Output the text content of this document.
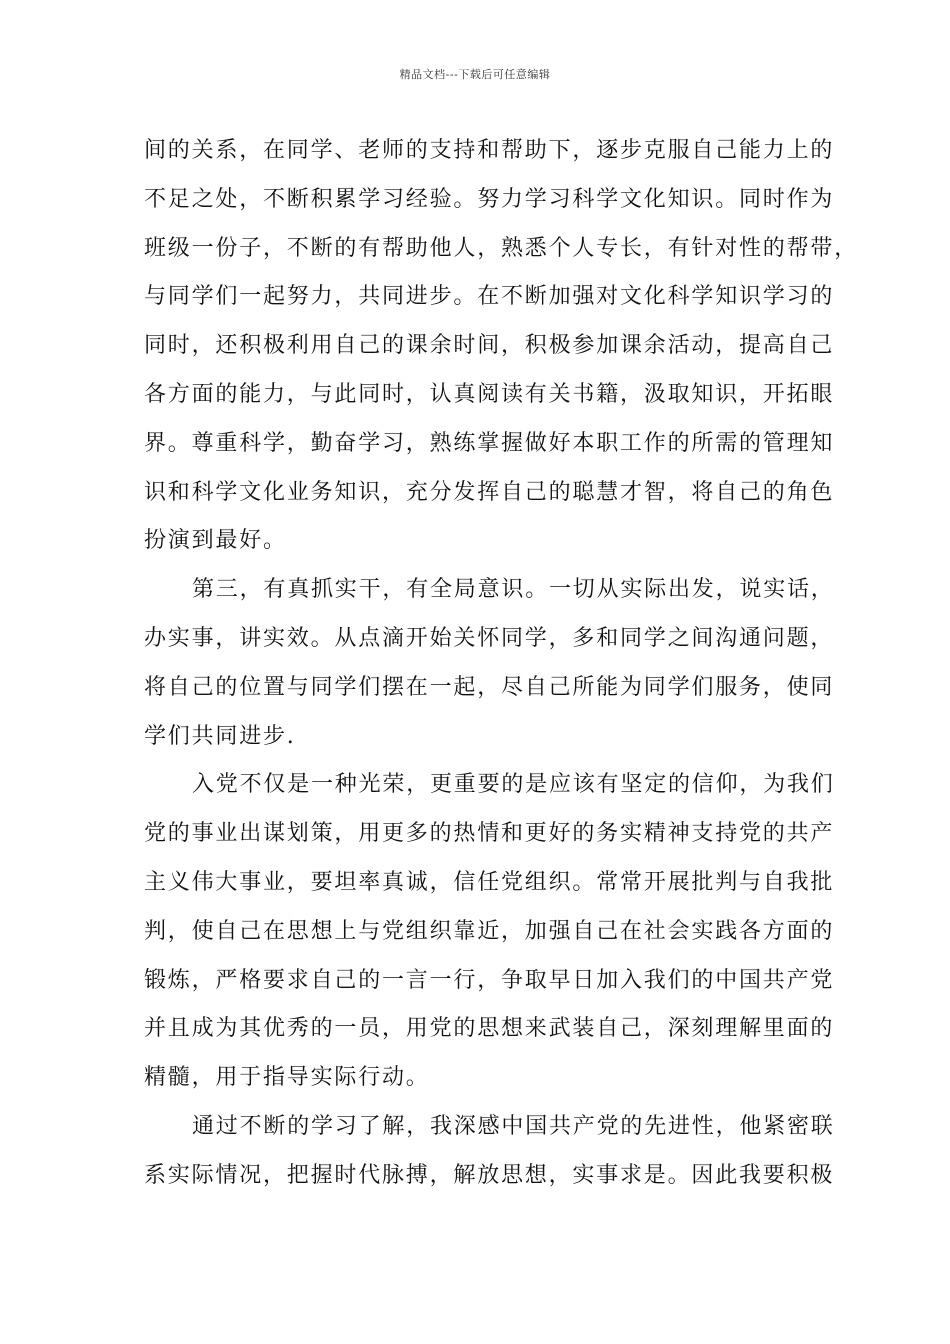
精品文档---下载后可任意编辑
间的关系，在同学、老师的支持和帮助下，逐步克服自己能力上的
不足之处，不断积累学习经验。努力学习科学文化知识。同时作为
班级一份子，不断的有帮助他人，熟悉个人专长，有针对性的帮带，
与同学们一起努力，共同进步。在不断加强对文化科学知识学习的
同时，还积极利用自己的课余时间，积极参加课余活动，提高自己
各方面的能力，与此同时，认真阅读有关书籍，汲取知识，开拓眼
界。尊重科学，勤奋学习，熟练掌握做好本职工作的所需的管理知
识和科学文化业务知识，充分发挥自己的聪慧才智，将自己的角色
扮演到最好。
第三，有真抓实干，有全局意识。一切从实际出发，说实话，
办实事，讲实效。从点滴开始关怀同学，多和同学之间沟通问题，
将自己的位置与同学们摆在一起，尽自己所能为同学们服务，使同
学们共同进步.
入党不仅是一种光荣，更重要的是应该有坚定的信仰，为我们
党的事业出谋划策，用更多的热情和更好的务实精神支持党的共产
主义伟大事业，要坦率真诚，信任党组织。常常开展批判与自我批
判，使自己在思想上与党组织靠近，加强自己在社会实践各方面的
锻炼，严格要求自己的一言一行，争取早日加入我们的中国共产党
并且成为其优秀的一员，用党的思想来武装自己，深刻理解里面的
精髓，用于指导实际行动。
通过不断的学习了解，我深感中国共产党的先进性，他紧密联
系实际情况，把握时代脉搏，解放思想，实事求是。因此我要积极
